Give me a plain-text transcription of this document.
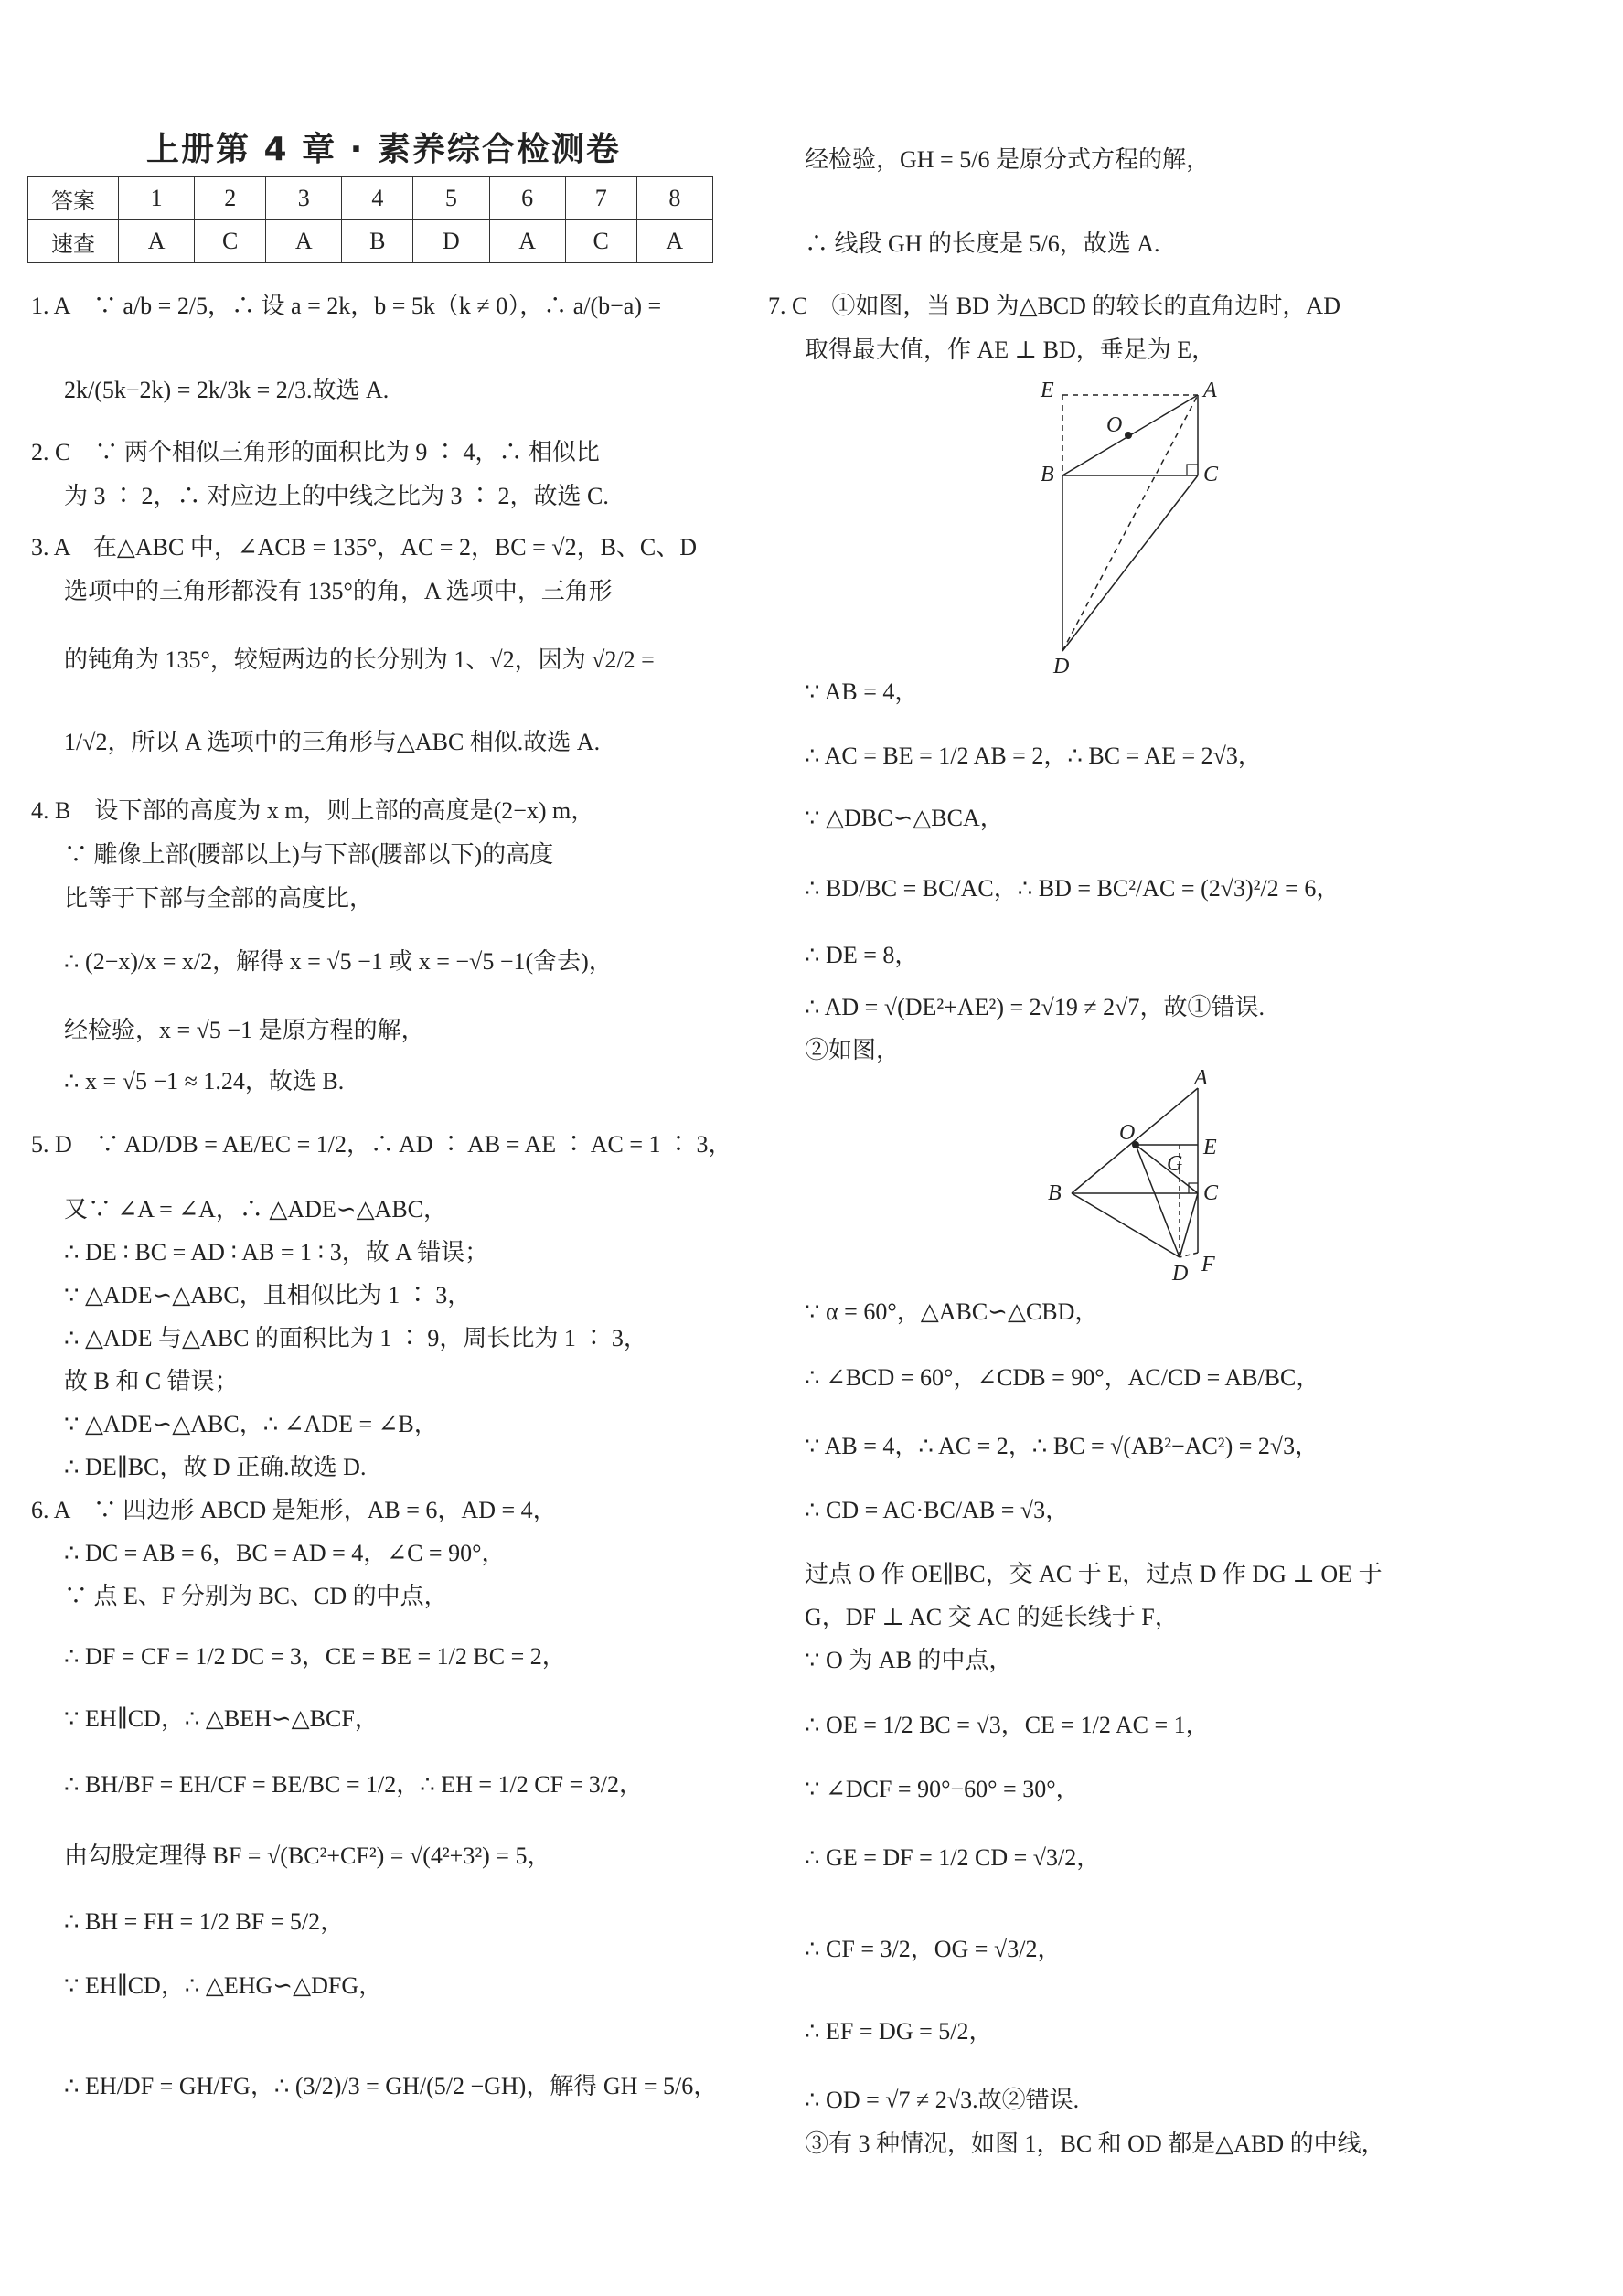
上册第 4 章 · 素养综合检测卷
答案	1	2	3	4	5	6	7	8
速查	A	C	A	B	D	A	C	A
1. A　∵ a/b = 2/5，∴ 设 a = 2k，b = 5k（k ≠ 0），∴ a/(b−a) =
2k/(5k−2k) = 2k/3k = 2/3.故选 A.
2. C　∵ 两个相似三角形的面积比为 9 ∶ 4，∴ 相似比
为 3 ∶ 2，∴ 对应边上的中线之比为 3 ∶ 2，故选 C.
3. A　在△ABC 中，∠ACB = 135°，AC = 2，BC = √2，B、C、D
选项中的三角形都没有 135°的角，A 选项中，三角形
的钝角为 135°，较短两边的长分别为 1、√2，因为 √2/2 =
1/√2，所以 A 选项中的三角形与△ABC 相似.故选 A.
4. B　设下部的高度为 x m，则上部的高度是(2−x) m，
∵ 雕像上部(腰部以上)与下部(腰部以下)的高度
比等于下部与全部的高度比，
∴ (2−x)/x = x/2，解得 x = √5 −1 或 x = −√5 −1(舍去)，
经检验，x = √5 −1 是原方程的解，
∴ x = √5 −1 ≈ 1.24，故选 B.
5. D　∵ AD/DB = AE/EC = 1/2，∴ AD ∶ AB = AE ∶ AC = 1 ∶ 3，
又∵ ∠A = ∠A，∴ △ADE∽△ABC，
∴ DE ∶ BC = AD ∶ AB = 1 ∶ 3，故 A 错误；
∵ △ADE∽△ABC，且相似比为 1 ∶ 3，
∴ △ADE 与△ABC 的面积比为 1 ∶ 9，周长比为 1 ∶ 3，
故 B 和 C 错误；
∵ △ADE∽△ABC，∴ ∠ADE = ∠B，
∴ DE∥BC，故 D 正确.故选 D.
6. A　∵ 四边形 ABCD 是矩形，AB = 6，AD = 4，
∴ DC = AB = 6，BC = AD = 4，∠C = 90°，
∵ 点 E、F 分别为 BC、CD 的中点，
∴ DF = CF = 1/2 DC = 3，CE = BE = 1/2 BC = 2，
∵ EH∥CD，∴ △BEH∽△BCF，
∴ BH/BF = EH/CF = BE/BC = 1/2，∴ EH = 1/2 CF = 3/2，
由勾股定理得 BF = √(BC²+CF²) = √(4²+3²) = 5，
∴ BH = FH = 1/2 BF = 5/2，
∵ EH∥CD，∴ △EHG∽△DFG，
∴ EH/DF = GH/FG，∴ (3/2)/3 = GH/(5/2 −GH)，解得 GH = 5/6，
经检验，GH = 5/6 是原分式方程的解，
∴ 线段 GH 的长度是 5/6，故选 A.
7. C　①如图，当 BD 为△BCD 的较长的直角边时，AD
取得最大值，作 AE ⊥ BD，垂足为 E，
E	A
O
B	C
D
∵ AB = 4，
∴ AC = BE = 1/2 AB = 2，∴ BC = AE = 2√3，
∵ △DBC∽△BCA，
∴ BD/BC = BC/AC，∴ BD = BC²/AC = (2√3)²/2 = 6，
∴ DE = 8，
∴ AD = √(DE²+AE²) = 2√19 ≠ 2√7，故①错误.
②如图，
A
O
E
G
B	C
D F
∵ α = 60°，△ABC∽△CBD，
∴ ∠BCD = 60°，∠CDB = 90°，AC/CD = AB/BC，
∵ AB = 4，∴ AC = 2，∴ BC = √(AB²−AC²) = 2√3，
∴ CD = AC·BC/AB = √3，
过点 O 作 OE∥BC，交 AC 于 E，过点 D 作 DG ⊥ OE 于
G，DF ⊥ AC 交 AC 的延长线于 F，
∵ O 为 AB 的中点，
∴ OE = 1/2 BC = √3，CE = 1/2 AC = 1，
∵ ∠DCF = 90°−60° = 30°，
∴ GE = DF = 1/2 CD = √3/2，
∴ CF = 3/2，OG = √3/2，
∴ EF = DG = 5/2，
∴ OD = √7 ≠ 2√3.故②错误.
③有 3 种情况，如图 1，BC 和 OD 都是△ABD 的中线，
